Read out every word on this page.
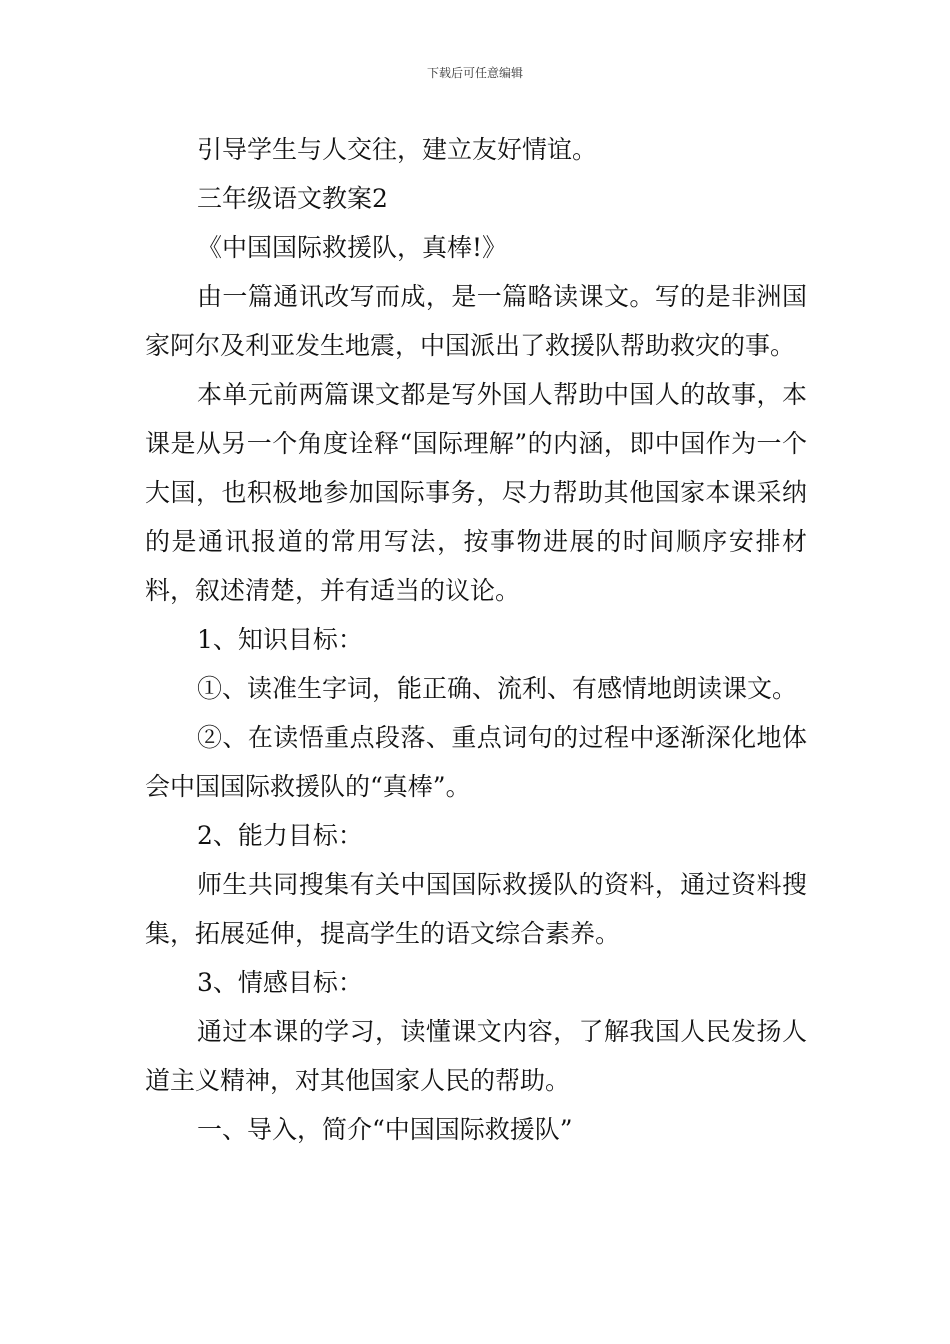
下载后可任意编辑

引导学生与人交往，建立友好情谊。

三年级语文教案2

《中国国际救援队，真棒!》

由一篇通讯改写而成，是一篇略读课文。写的是非洲国家阿尔及利亚发生地震，中国派出了救援队帮助救灾的事。

本单元前两篇课文都是写外国人帮助中国人的故事，本课是从另一个角度诠释“国际理解”的内涵，即中国作为一个大国，也积极地参加国际事务，尽力帮助其他国家本课采纳的是通讯报道的常用写法，按事物进展的时间顺序安排材料，叙述清楚，并有适当的议论。

1、知识目标：

①、读准生字词，能正确、流利、有感情地朗读课文。

②、在读悟重点段落、重点词句的过程中逐渐深化地体会中国国际救援队的“真棒”。

2、能力目标：

师生共同搜集有关中国国际救援队的资料，通过资料搜集，拓展延伸，提高学生的语文综合素养。

3、情感目标：

通过本课的学习，读懂课文内容，了解我国人民发扬人道主义精神，对其他国家人民的帮助。

一、导入，简介“中国国际救援队”
